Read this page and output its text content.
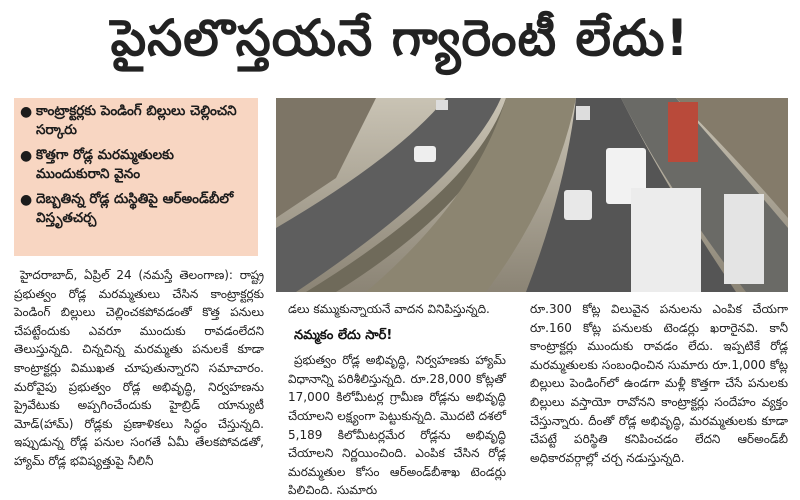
పైసలొస్తయనే గ్యారెంటీ లేదు!
● కాంట్రాక్టర్లకు పెండింగ్ బిల్లులు చెల్లించని సర్కారు
● కొత్తగా రోడ్ల మరమ్మతులకు ముందుకురాని వైనం
● దెబ్బతిన్న రోడ్ల దుస్థితిపై ఆర్అండ్‌బీలో విస్తృతచర్చ

హైదరాబాద్, ఏప్రిల్ 24 (నమస్తే తెలంగాణ): రాష్ట్ర ప్రభుత్వం రోడ్ల మరమ్మతులు చేసిన కాంట్రాక్టర్లకు పెండింగ్ బిల్లులు చెల్లించకపోవడంతో కొత్త పనులు చేపట్టేందుకు ఎవరూ ముందుకు రావడంలేదని తెలుస్తున్నది. చిన్నచిన్న మరమ్మతు పనులకే కూడా కాంట్రాక్టర్లు విముఖత చూపుతున్నారని సమాచారం. మరోవైపు ప్రభుత్వం రోడ్ల అభివృద్ధి, నిర్వహణను ప్రైవేటుకు అప్పగించేందుకు హైబ్రిడ్ యాన్యుటీ మోడ్(హామ్) రోడ్లకు ప్రణాళికలు సిద్ధం చేస్తున్నది. ఇప్పుడున్న రోడ్ల పనుల సంగతే ఏమీ తేలకపోవడతో, హ్యామ్ రోడ్ల భవిష్యత్తుపై నీలినీ

డలు కమ్ముకున్నాయనే వాదన వినిపిస్తున్నది.

నమ్మకం లేదు సార్!

ప్రభుత్వం రోడ్ల అభివృద్ధి, నిర్వహణకు హ్యామ్ విధానాన్ని పరిశీలిస్తున్నది. రూ.28,000 కోట్లతో 17,000 కిలోమీటర్ల గ్రామీణ రోడ్లను అభివృద్ధి చేయాలని లక్ష్యంగా పెట్టుకున్నది. మొదటి దశలో 5,189 కిలోమీటర్లమేర రోడ్లను అభివృద్ధి చేయాలని నిర్ణయించింది. ఎంపిక చేసిన రోడ్ల మరమ్మతుల కోసం ఆర్‌అండ్‌బీశాఖ టెండర్లు పిలిచింది. సుమారు

రూ.300 కోట్ల విలువైన పనులను ఎంపిక చేయగా రూ.160 కోట్ల పనులకు టెండర్లు ఖరారైనవి. కానీ కాంట్రాక్టర్లు ముందుకు రావడం లేదు. ఇప్పటికే రోడ్ల మరమ్మతులకు సంబంధించిన సుమారు రూ.1,000 కోట్ల బిల్లులు పెండింగ్‌లో ఉండగా మళ్లీ కొత్తగా చేసే పనులకు బిల్లులు వస్తాయో రావోనని కాంట్రాక్టర్లు సందేహం వ్యక్తం చేస్తున్నారు. దీంతో రోడ్ల అభివృద్ధి, మరమ్మతులకు కూడా చేపట్టే పరిస్థితి కనిపించడం లేదని ఆర్‌అండ్‌బీ అధికారవర్గాల్లో చర్చ నడుస్తున్నది.
